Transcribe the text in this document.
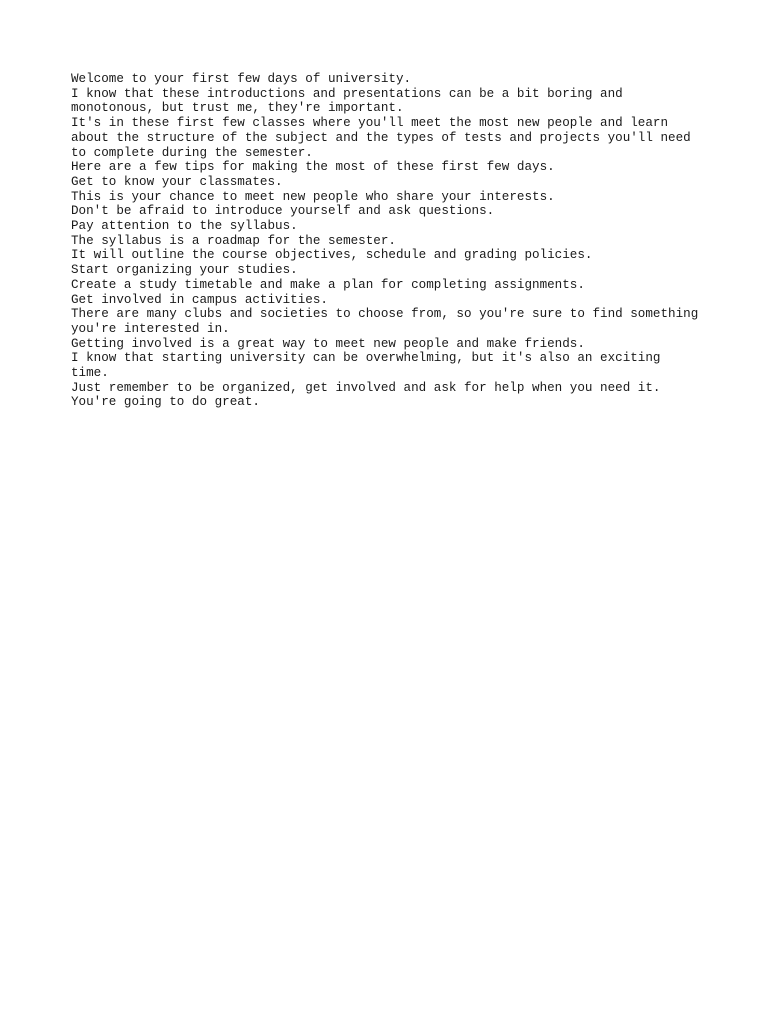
Welcome to your first few days of university.

I know that these introductions and presentations can be a bit boring and

monotonous, but trust me, they're important.

It's in these first few classes where you'll meet the most new people and learn

about the structure of the subject and the types of tests and projects you'll need

to complete during the semester.

Here are a few tips for making the most of these first few days.

Get to know your classmates.

This is your chance to meet new people who share your interests.

Don't be afraid to introduce yourself and ask questions.

Pay attention to the syllabus.

The syllabus is a roadmap for the semester.

It will outline the course objectives, schedule and grading policies.

Start organizing your studies.

Create a study timetable and make a plan for completing assignments.

Get involved in campus activities.

There are many clubs and societies to choose from, so you're sure to find something

you're interested in.

Getting involved is a great way to meet new people and make friends.

I know that starting university can be overwhelming, but it's also an exciting

time.

Just remember to be organized, get involved and ask for help when you need it.

You're going to do great.
